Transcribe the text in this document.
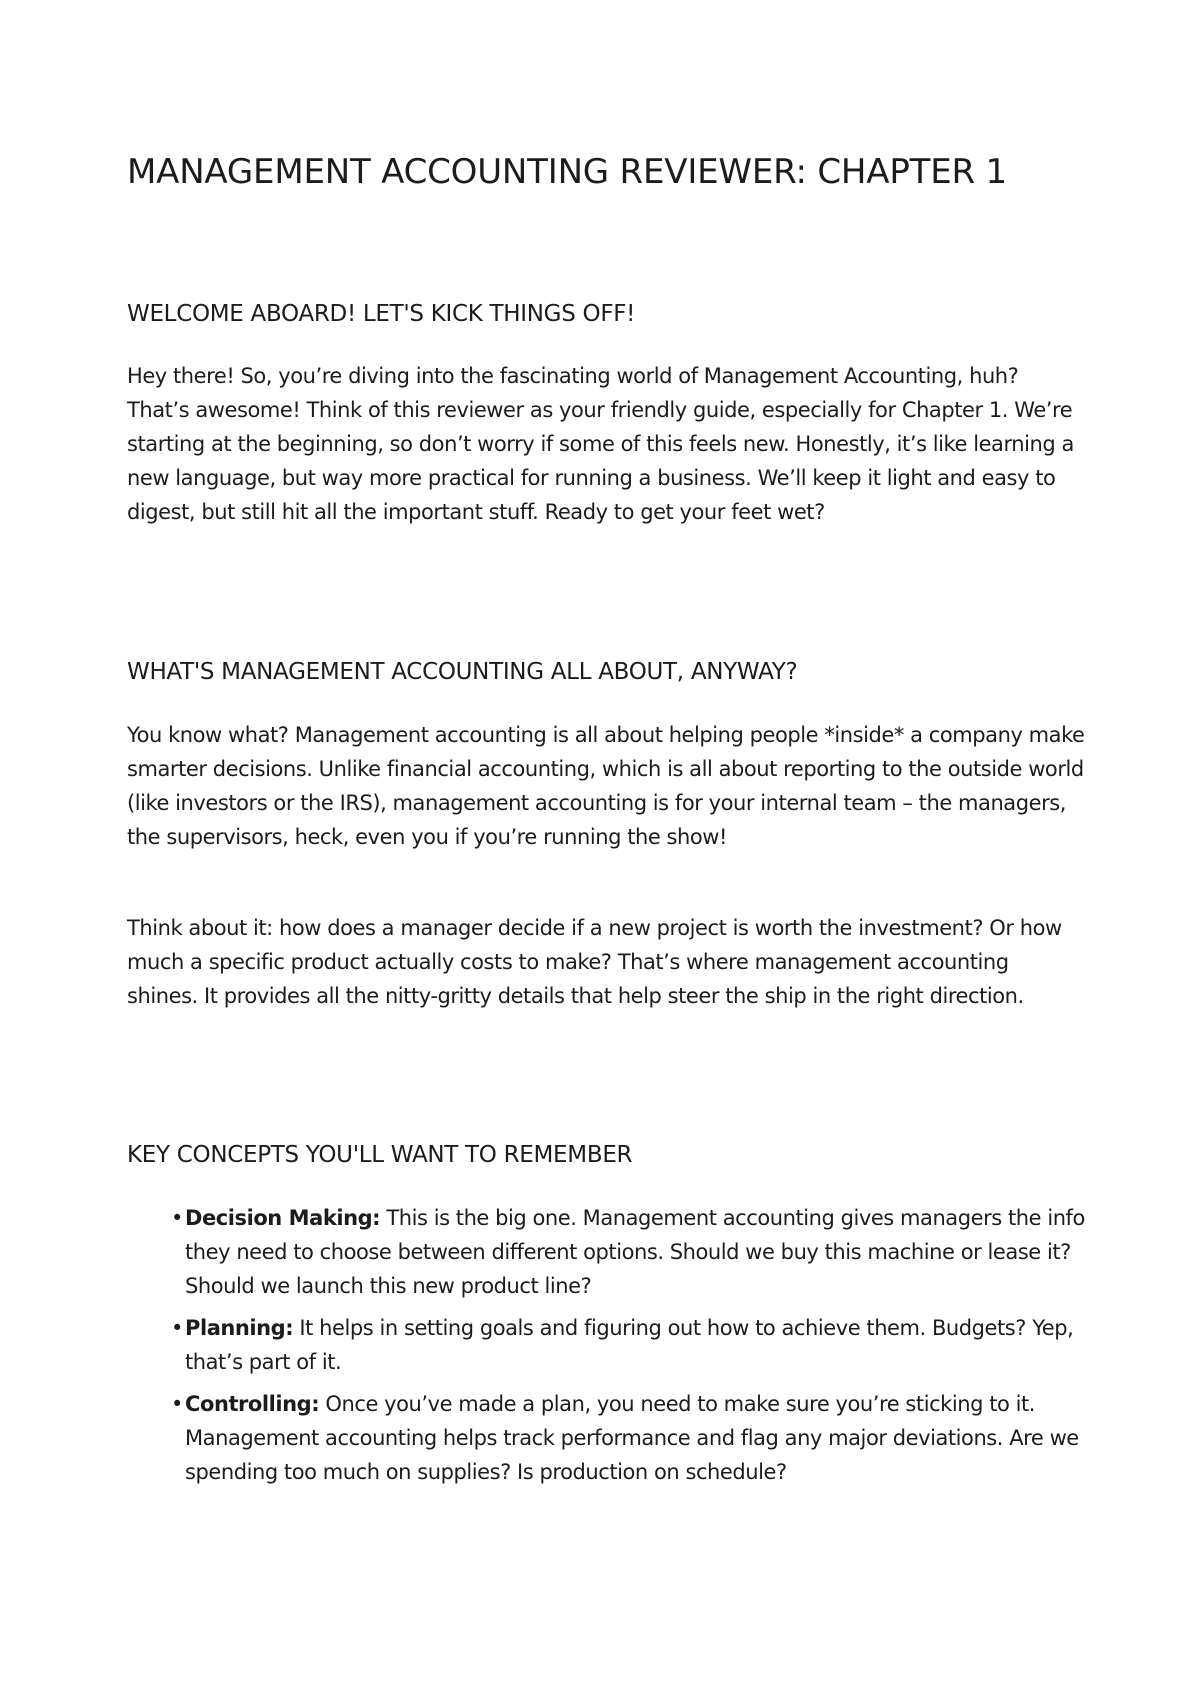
MANAGEMENT ACCOUNTING REVIEWER: CHAPTER 1
WELCOME ABOARD! LET'S KICK THINGS OFF!

Hey there! So, you’re diving into the fascinating world of Management Accounting, huh? That’s awesome! Think of this reviewer as your friendly guide, especially for Chapter 1. We’re starting at the beginning, so don’t worry if some of this feels new. Honestly, it’s like learning a new language, but way more practical for running a business. We’ll keep it light and easy to digest, but still hit all the important stuff. Ready to get your feet wet?

WHAT'S MANAGEMENT ACCOUNTING ALL ABOUT, ANYWAY?

You know what? Management accounting is all about helping people *inside* a company make smarter decisions. Unlike financial accounting, which is all about reporting to the outside world (like investors or the IRS), management accounting is for your internal team – the managers, the supervisors, heck, even you if you’re running the show!

Think about it: how does a manager decide if a new project is worth the investment? Or how much a specific product actually costs to make? That’s where management accounting shines. It provides all the nitty-gritty details that help steer the ship in the right direction.

KEY CONCEPTS YOU'LL WANT TO REMEMBER
• Decision Making: This is the big one. Management accounting gives managers the info they need to choose between different options. Should we buy this machine or lease it? Should we launch this new product line?
• Planning: It helps in setting goals and figuring out how to achieve them. Budgets? Yep, that’s part of it.
• Controlling: Once you’ve made a plan, you need to make sure you’re sticking to it. Management accounting helps track performance and flag any major deviations. Are we spending too much on supplies? Is production on schedule?
